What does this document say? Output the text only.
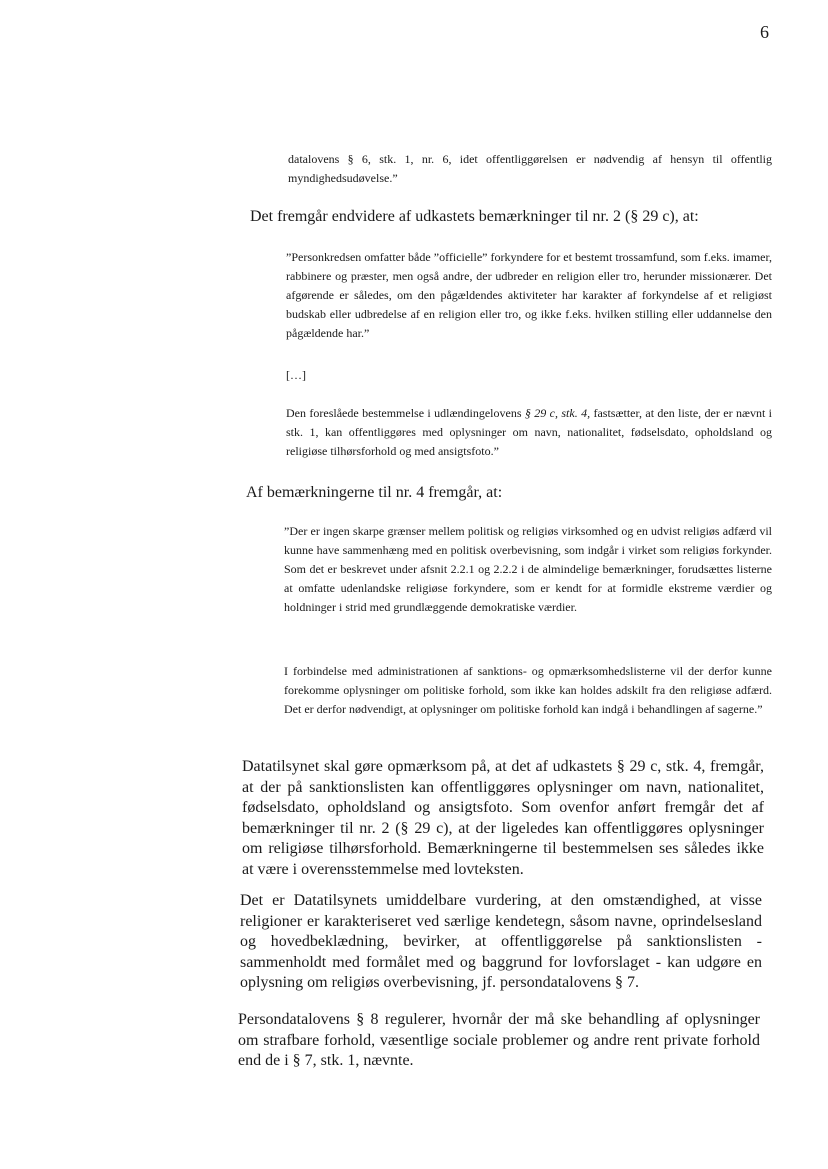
6

datalovens § 6, stk. 1, nr. 6, idet offentliggørelsen er nødvendig af hensyn til offentlig myndighedsudøvelse.”

Det fremgår endvidere af udkastets bemærkninger til nr. 2 (§ 29 c), at:

”Personkredsen omfatter både ”officielle” forkyndere for et bestemt trossamfund, som f.eks. imamer, rabbinere og præster, men også andre, der udbreder en religion eller tro, herunder missionærer. Det afgørende er således, om den pågældendes aktiviteter har karakter af forkyndelse af et religiøst budskab eller udbredelse af en religion eller tro, og ikke f.eks. hvilken stilling eller uddannelse den pågældende har.”

[…]

Den foreslåede bestemmelse i udlændingelovens § 29 c, stk. 4, fastsætter, at den liste, der er nævnt i stk. 1, kan offentliggøres med oplysninger om navn, nationalitet, fødselsdato, opholdsland og religiøse tilhørsforhold og med ansigtsfoto.”

Af bemærkningerne til nr. 4 fremgår, at:

”Der er ingen skarpe grænser mellem politisk og religiøs virksomhed og en udvist religiøs adfærd vil kunne have sammenhæng med en politisk overbevisning, som indgår i virket som religiøs forkynder. Som det er beskrevet under afsnit 2.2.1 og 2.2.2 i de almindelige bemærkninger, forudsættes listerne at omfatte udenlandske religiøse forkyndere, som er kendt for at formidle ekstreme værdier og holdninger i strid med grundlæggende demokratiske værdier.

I forbindelse med administrationen af sanktions- og opmærksomhedslisterne vil der derfor kunne forekomme oplysninger om politiske forhold, som ikke kan holdes adskilt fra den religiøse adfærd. Det er derfor nødvendigt, at oplysninger om politiske forhold kan indgå i behandlingen af sagerne.”

Datatilsynet skal gøre opmærksom på, at det af udkastets § 29 c, stk. 4, fremgår, at der på sanktionslisten kan offentliggøres oplysninger om navn, nationalitet, fødselsdato, opholdsland og ansigtsfoto. Som ovenfor anført fremgår det af bemærkninger til nr. 2 (§ 29 c), at der ligeledes kan offentliggøres oplysninger om religiøse tilhørsforhold. Bemærkningerne til bestemmelsen ses således ikke at være i overensstemmelse med lovteksten.

Det er Datatilsynets umiddelbare vurdering, at den omstændighed, at visse religioner er karakteriseret ved særlige kendetegn, såsom navne, oprindelsesland og hovedbeklædning, bevirker, at offentliggørelse på sanktionslisten - sammenholdt med formålet med og baggrund for lovforslaget - kan udgøre en oplysning om religiøs overbevisning, jf. persondatalovens § 7.

Persondatalovens § 8 regulerer, hvornår der må ske behandling af oplysninger om strafbare forhold, væsentlige sociale problemer og andre rent private forhold end de i § 7, stk. 1, nævnte.
